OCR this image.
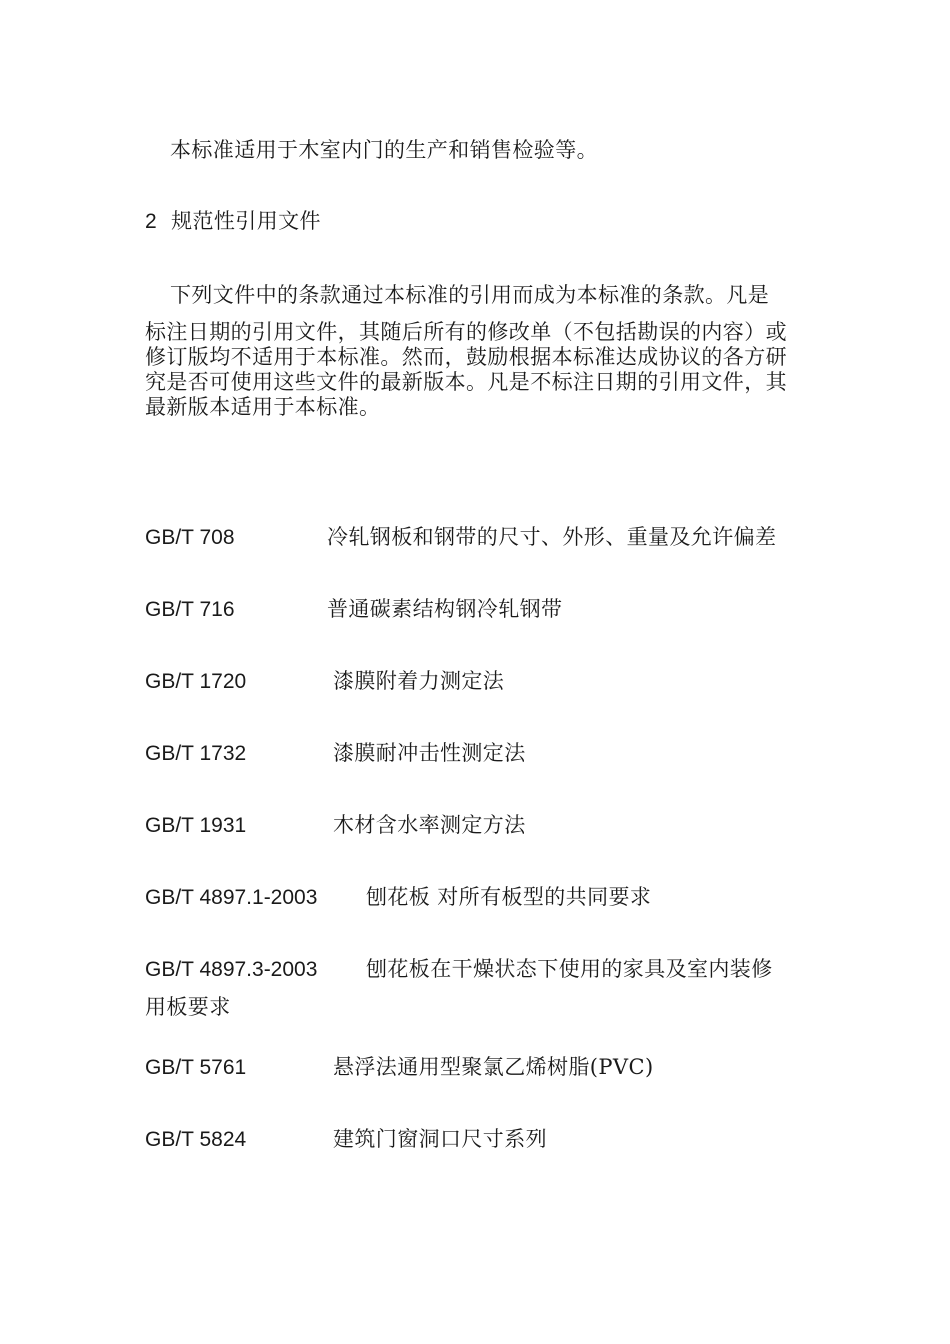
本标准适用于木室内门的生产和销售检验等。
2 规范性引用文件
下列文件中的条款通过本标准的引用而成为本标准的条款。凡是
标注日期的引用文件，其随后所有的修改单（不包括勘误的内容）或
修订版均不适用于本标准。然而，鼓励根据本标准达成协议的各方研
究是否可使用这些文件的最新版本。凡是不标注日期的引用文件，其
最新版本适用于本标准。
GB/T 708	冷轧钢板和钢带的尺寸、外形、重量及允许偏差
GB/T 716	普通碳素结构钢冷轧钢带
GB/T 1720	漆膜附着力测定法
GB/T 1732	漆膜耐冲击性测定法
GB/T 1931	木材含水率测定方法
GB/T 4897.1-2003 刨花板 对所有板型的共同要求
GB/T 4897.3-2003 刨花板在干燥状态下使用的家具及室内装修
用板要求
GB/T 5761	悬浮法通用型聚氯乙烯树脂(PVC)
GB/T 5824	建筑门窗洞口尺寸系列
